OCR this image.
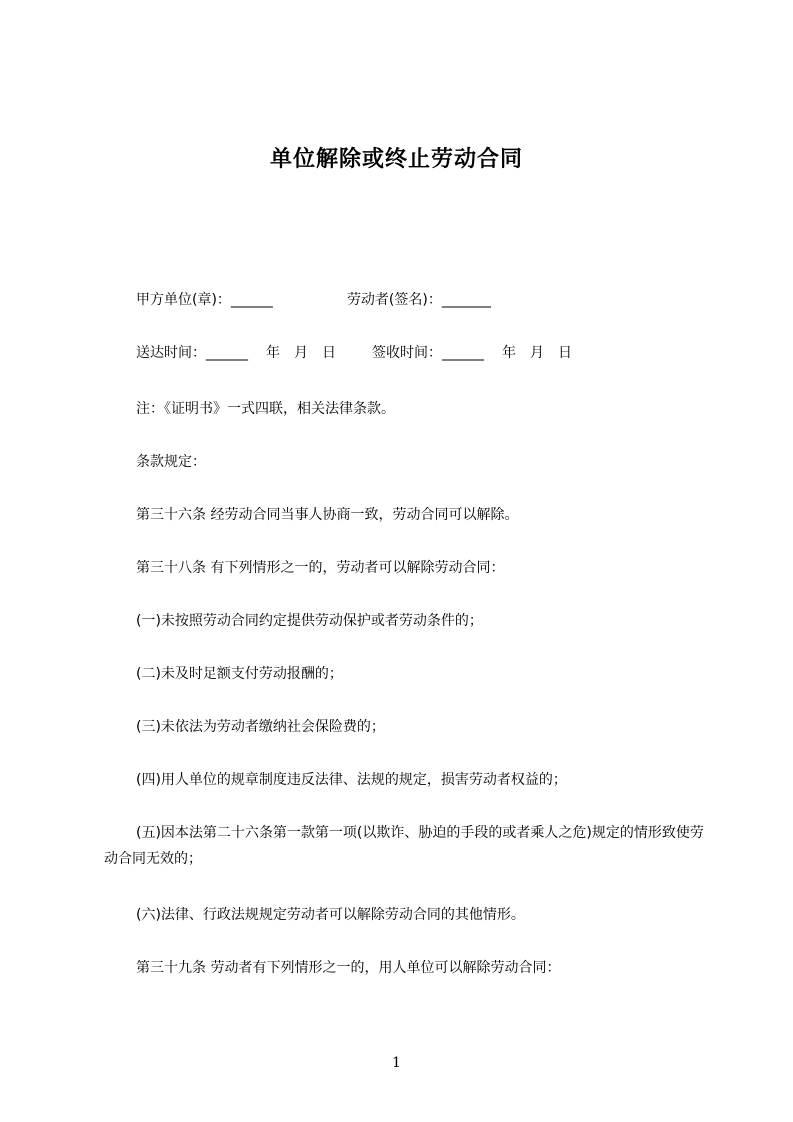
单位解除或终止劳动合同
甲方单位(章)：______	劳动者(签名)：_______
送达时间：______ 年　月　日	签收时间：______ 年　月　日
注：《证明书》一式四联，相关法律条款。
条款规定：
第三十六条 经劳动合同当事人协商一致，劳动合同可以解除。
第三十八条 有下列情形之一的，劳动者可以解除劳动合同：
(一)未按照劳动合同约定提供劳动保护或者劳动条件的；
(二)未及时足额支付劳动报酬的；
(三)未依法为劳动者缴纳社会保险费的；
(四)用人单位的规章制度违反法律、法规的规定，损害劳动者权益的；
(五)因本法第二十六条第一款第一项(以欺诈、胁迫的手段的或者乘人之危)规定的情形致使劳动合同无效的；
(六)法律、行政法规规定劳动者可以解除劳动合同的其他情形。
第三十九条 劳动者有下列情形之一的，用人单位可以解除劳动合同：
1
